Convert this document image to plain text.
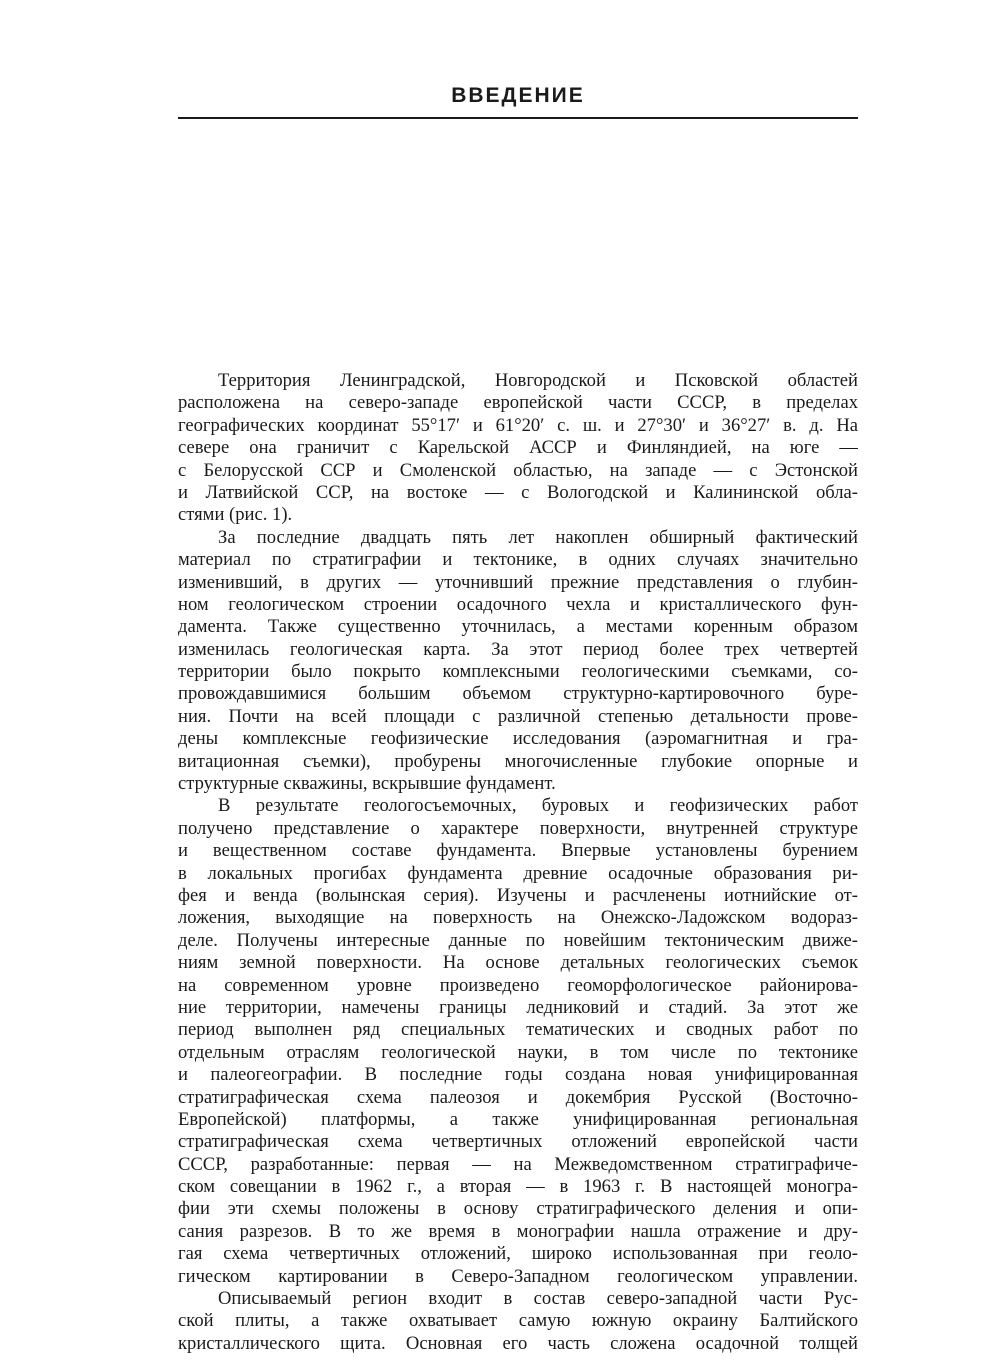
ВВЕДЕНИЕ
Территория Ленинградской, Новгородской и Псковской областей
расположена на северо-западе европейской части СССР, в пределах
географических координат 55°17′ и 61°20′ с. ш. и 27°30′ и 36°27′ в. д. На
севере она граничит с Карельской АССР и Финляндией, на юге —
с Белорусской ССР и Смоленской областью, на западе — с Эстонской
и Латвийской ССР, на востоке — с Вологодской и Калининской обла-
стями (рис. 1).
За последние двадцать пять лет накоплен обширный фактический
материал по стратиграфии и тектонике, в одних случаях значительно
изменивший, в других — уточнивший прежние представления о глубин-
ном геологическом строении осадочного чехла и кристаллического фун-
дамента. Также существенно уточнилась, а местами коренным образом
изменилась геологическая карта. За этот период более трех четвертей
территории было покрыто комплексными геологическими съемками, со-
провождавшимися большим объемом структурно-картировочного буре-
ния. Почти на всей площади с различной степенью детальности прове-
дены комплексные геофизические исследования (аэромагнитная и гра-
витационная съемки), пробурены многочисленные глубокие опорные и
структурные скважины, вскрывшие фундамент.
В результате геологосъемочных, буровых и геофизических работ
получено представление о характере поверхности, внутренней структуре
и вещественном составе фундамента. Впервые установлены бурением
в локальных прогибах фундамента древние осадочные образования ри-
фея и венда (волынская серия). Изучены и расчленены иотнийские от-
ложения, выходящие на поверхность на Онежско-Ладожском водораз-
деле. Получены интересные данные по новейшим тектоническим движе-
ниям земной поверхности. На основе детальных геологических съемок
на современном уровне произведено геоморфологическое районирова-
ние территории, намечены границы ледниковий и стадий. За этот же
период выполнен ряд специальных тематических и сводных работ по
отдельным отраслям геологической науки, в том числе по тектонике
и палеогеографии. В последние годы создана новая унифицированная
стратиграфическая схема палеозоя и докембрия Русской (Восточно-
Европейской) платформы, а также унифицированная региональная
стратиграфическая схема четвертичных отложений европейской части
СССР, разработанные: первая — на Межведомственном стратиграфиче-
ском совещании в 1962 г., а вторая — в 1963 г. В настоящей моногра-
фии эти схемы положены в основу стратиграфического деления и опи-
сания разрезов. В то же время в монографии нашла отражение и дру-
гая схема четвертичных отложений, широко использованная при геоло-
гическом картировании в Северо-Западном геологическом управлении.
Описываемый регион входит в состав северо-западной части Рус-
ской плиты, а также охватывает самую южную окраину Балтийского
кристаллического щита. Основная его часть сложена осадочной толщей
